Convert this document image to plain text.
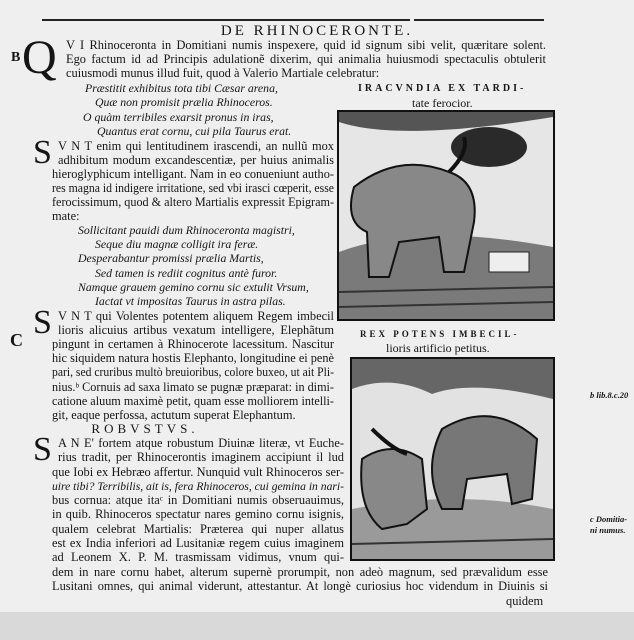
DE RHINOCERONTE.
B
C
b lib.8.c.20
c Domitia-
ni numus.
Q V I Rhinoceronta in Domitiani numis inspexere, quid id signum sibi velit, quæritare solent.
Ego factum id ad Principis adulationẽ dixerim, qui animalia huiusmodi spectaculis obtulerit
cuiusmodi munus illud fuit, quod à Valerio Martiale celebratur:
Præstitit exhibitus tota tibi Cæsar arena,
Quæ non promisit prælia Rhinoceros.
O quàm terribiles exarsit pronus in iras,
Quantus erat cornu, cui pila Taurus erat.
IRACVNDIA EX TARDI-
tate ferocior.
S V N T enim qui lentitudinem irascendi, an nullũ mox
adhibitum modum excandescentiæ, per huius animalis
hieroglyphicum intelligant. Nam in eo conueniunt autho-
res magna id indigere irritatione, sed vbi irasci cœperit, esse
ferocissimum, quod & altero Martialis expressit Epigram-
mate:
Sollicitant pauidi dum Rhinoceronta magistri,
Seque diu magnæ colligit ira feræ.
Desperabantur promissi prælia Martis,
Sed tamen is rediit cognitus antè furor.
Namque grauem gemino cornu sic extulit Vrsum,
Iactat vt impositas Taurus in astra pilas.
S V N T qui Volentes potentem aliquem Regem imbecil
lioris alicuius artibus vexatum intelligere, Elephãtum
pingunt in certamen à Rhinocerote lacessitum. Nascitur
hic siquidem natura hostis Elephanto, longitudine ei penè
pari, sed cruribus multò breuioribus, colore buxeo, ut ait Pli-
nius.ᵇ Cornuis ad saxa limato se pugnæ præparat: in dimi-
catione aluum maximè petit, quam esse molliorem intelli-
git, eaque perfossa, actutum superat Elephantum.
REX POTENS IMBECIL-
lioris artificio petitus.
ROBVSTVS.
S A N E' fortem atque robustum Diuinæ literæ, vt Euche-
rius tradit, per Rhinocerontis imaginem accipiunt il lud
que Iobi ex Hebræo affertur. Nunquid vult Rhinoceros ser-
uire tibi? Terribilis, ait is, fera Rhinoceros, cui gemina in nari-
bus cornua: atque itaᶜ in Domitiani numis obseruauimus,
in quib. Rhinoceros spectatur nares gemino cornu isignis,
qualem celebrat Martialis: Præterea qui nuper allatus
est ex India inferiori ad Lusitaniæ regem cuius imaginem
ad Leonem X. P. M. trasmissam vidimus, vnum qui-
dem in nare cornu habet, alterum supernè prorumpit, non adeò magnum, sed prævalidum esse
Lusitani omnes, qui animal viderunt, attestantur. At longè curiosius hoc videndum in Diuinis si
quidem
